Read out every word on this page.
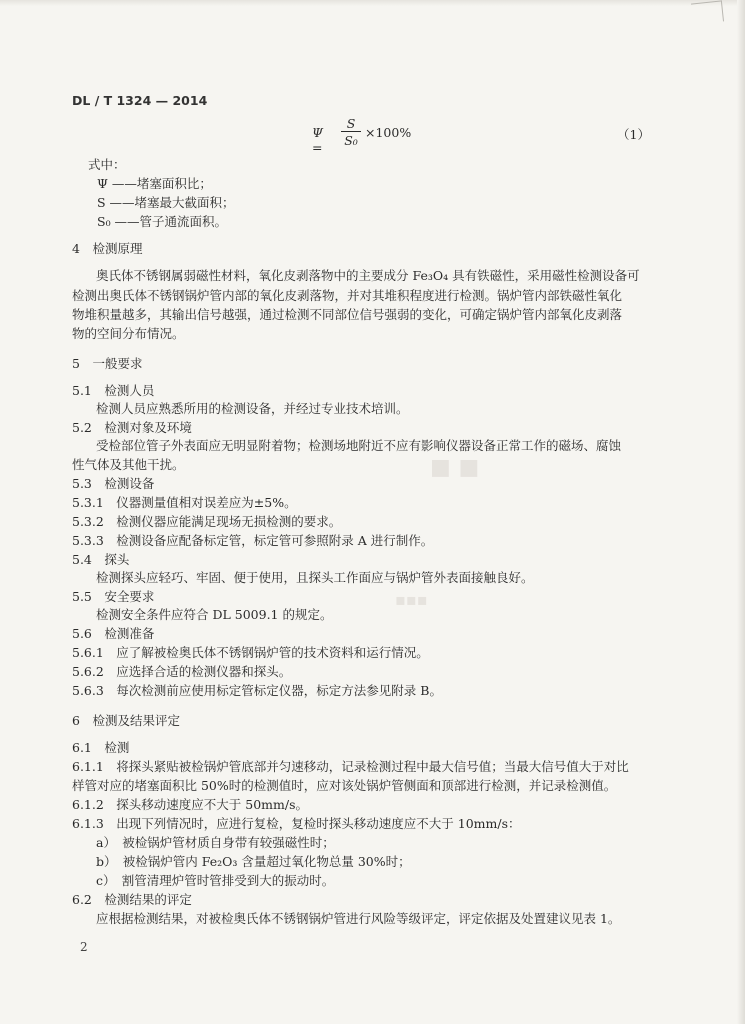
■ ■
▪▪▪
DL / T 1324 — 2014
Ψ =
S
S₀
×100%	（1）
式中：
Ψ ——堵塞面积比；
S ——堵塞最大截面积；
S₀ ——管子通流面积。
4　检测原理
奥氏体不锈钢属弱磁性材料，氧化皮剥落物中的主要成分 Fe₃O₄ 具有铁磁性，采用磁性检测设备可
检测出奥氏体不锈钢锅炉管内部的氧化皮剥落物，并对其堆积程度进行检测。锅炉管内部铁磁性氧化
物堆积量越多，其输出信号越强，通过检测不同部位信号强弱的变化，可确定锅炉管内部氧化皮剥落
物的空间分布情况。
5　一般要求
5.1　检测人员
检测人员应熟悉所用的检测设备，并经过专业技术培训。
5.2　检测对象及环境
受检部位管子外表面应无明显附着物；检测场地附近不应有影响仪器设备正常工作的磁场、腐蚀
性气体及其他干扰。
5.3　检测设备
5.3.1　仪器测量值相对误差应为±5%。
5.3.2　检测仪器应能满足现场无损检测的要求。
5.3.3　检测设备应配备标定管，标定管可参照附录 A 进行制作。
5.4　探头
检测探头应轻巧、牢固、便于使用，且探头工作面应与锅炉管外表面接触良好。
5.5　安全要求
检测安全条件应符合 DL 5009.1 的规定。
5.6　检测准备
5.6.1　应了解被检奥氏体不锈钢锅炉管的技术资料和运行情况。
5.6.2　应选择合适的检测仪器和探头。
5.6.3　每次检测前应使用标定管标定仪器，标定方法参见附录 B。
6　检测及结果评定
6.1　检测
6.1.1　将探头紧贴被检锅炉管底部并匀速移动，记录检测过程中最大信号值；当最大信号值大于对比
样管对应的堵塞面积比 50%时的检测值时，应对该处锅炉管侧面和顶部进行检测，并记录检测值。
6.1.2　探头移动速度应不大于 50mm/s。
6.1.3　出现下列情况时，应进行复检，复检时探头移动速度应不大于 10mm/s：
a）　被检锅炉管材质自身带有较强磁性时；
b）　被检锅炉管内 Fe₂O₃ 含量超过氧化物总量 30%时；
c）　割管清理炉管时管排受到大的振动时。
6.2　检测结果的评定
应根据检测结果，对被检奥氏体不锈钢锅炉管进行风险等级评定，评定依据及处置建议见表 1。
2
